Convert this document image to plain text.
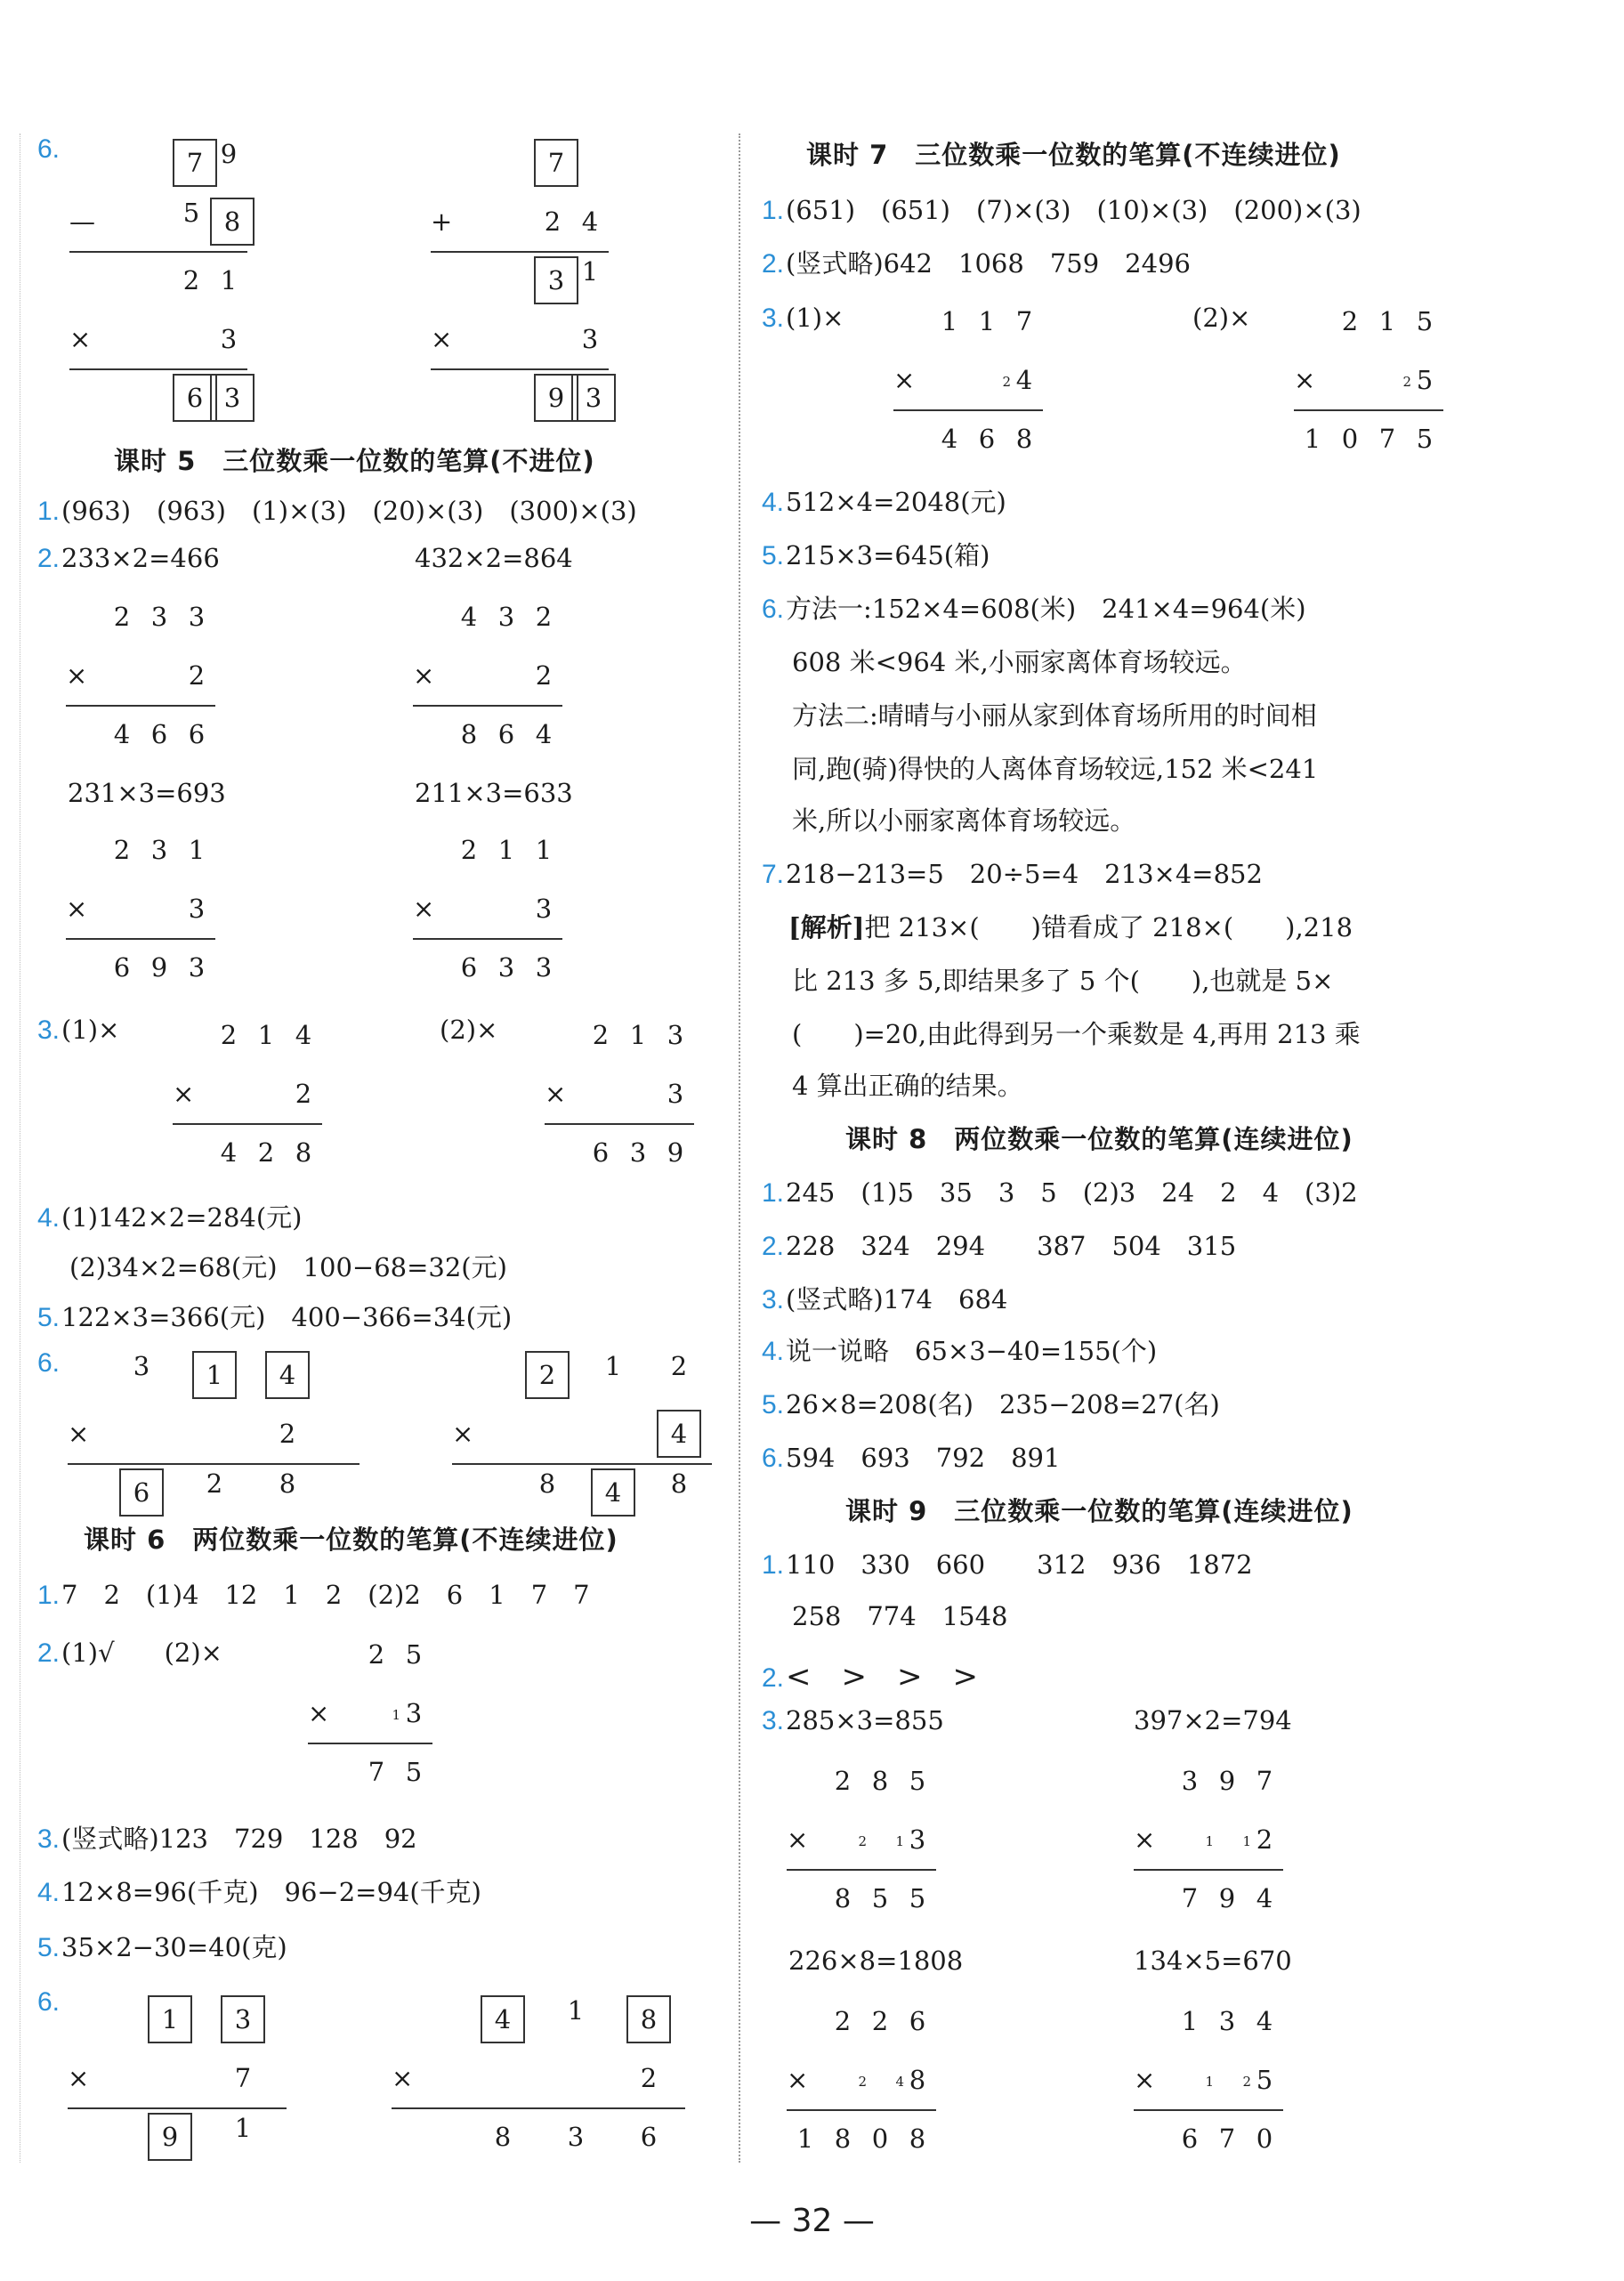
6.	7 9
—	5 8
2 1
×	3
6 3
7
+	2 4
3 1
×	3
9 3
课时 5　三位数乘一位数的笔算(不进位)
1.(963)　(963)　(1)×(3)　(20)×(3)　(300)×(3)
2.233×2=466	432×2=864
2 3 3
×	2
4 6 6
4 3 2
×	2
8 6 4
231×3=693	211×3=633
2 3 1
×	3
6 9 3
2 1 1
×	3
6 3 3
3.(1)×	(2)×
2 1 4
×	2
4 2 8
2 1 3
×	3
6 3 9
4.(1)142×2=284(元)
(2)34×2=68(元)　100−68=32(元)
5.122×3=366(元)　400−366=34(元)
6.	3	1	4
×	2
6	2	8
2	1	2
×	4
8	4	8
课时 6　两位数乘一位数的笔算(不连续进位)
1.7　2　(1)4　12　1　2　(2)2　6　1　7　7
2.(1)√ (2)×	2 5
×	1 3
7 5
3.(竖式略)123　729　128　92
4.12×8=96(千克)　96−2=94(千克)
5.35×2−30=40(克)
6.
1	3
×	7
9	1
4	1	8
×	2
8	3	6
课时 7　三位数乘一位数的笔算(不连续进位)
1.(651)　(651)　(7)×(3)　(10)×(3)　(200)×(3)
2.(竖式略)642　1068　759　2496
3.(1)×	(2)×
1 1 7
×	2 4
4 6 8
2 1 5
×	2 5
1 0 7 5
4.512×4=2048(元)
5.215×3=645(箱)
6.方法一:152×4=608(米)　241×4=964(米)
608 米<964 米,小丽家离体育场较远。
方法二:晴晴与小丽从家到体育场所用的时间相
同,跑(骑)得快的人离体育场较远,152 米<241
米,所以小丽家离体育场较远。
7.218−213=5　20÷5=4　213×4=852
[解析]把 213×(　　)错看成了 218×(　　),218
比 213 多 5,即结果多了 5 个(　　),也就是 5×
(　　)=20,由此得到另一个乘数是 4,再用 213 乘
4 算出正确的结果。
课时 8　两位数乘一位数的笔算(连续进位)
1.245　(1)5　35　3　5　(2)3　24　2　4　(3)2
2.228　324　294　　387　504　315
3.(竖式略)174　684
4.说一说略　65×3−40=155(个)
5.26×8=208(名)　235−208=27(名)
6.594　693　792　891
课时 9　三位数乘一位数的笔算(连续进位)
1.110　330　660　　312　936　1872
258　774　1548
2.<　>　>　>
3.285×3=855	397×2=794
2 8 5
×	2 1 3
8 5 5
3 9 7
×	1 1 2
7 9 4
226×8=1808	134×5=670
2 2 6
×	2 4 8
1 8 0 8
1 3 4
×	1 2 5
6 7 0
— 32 —
